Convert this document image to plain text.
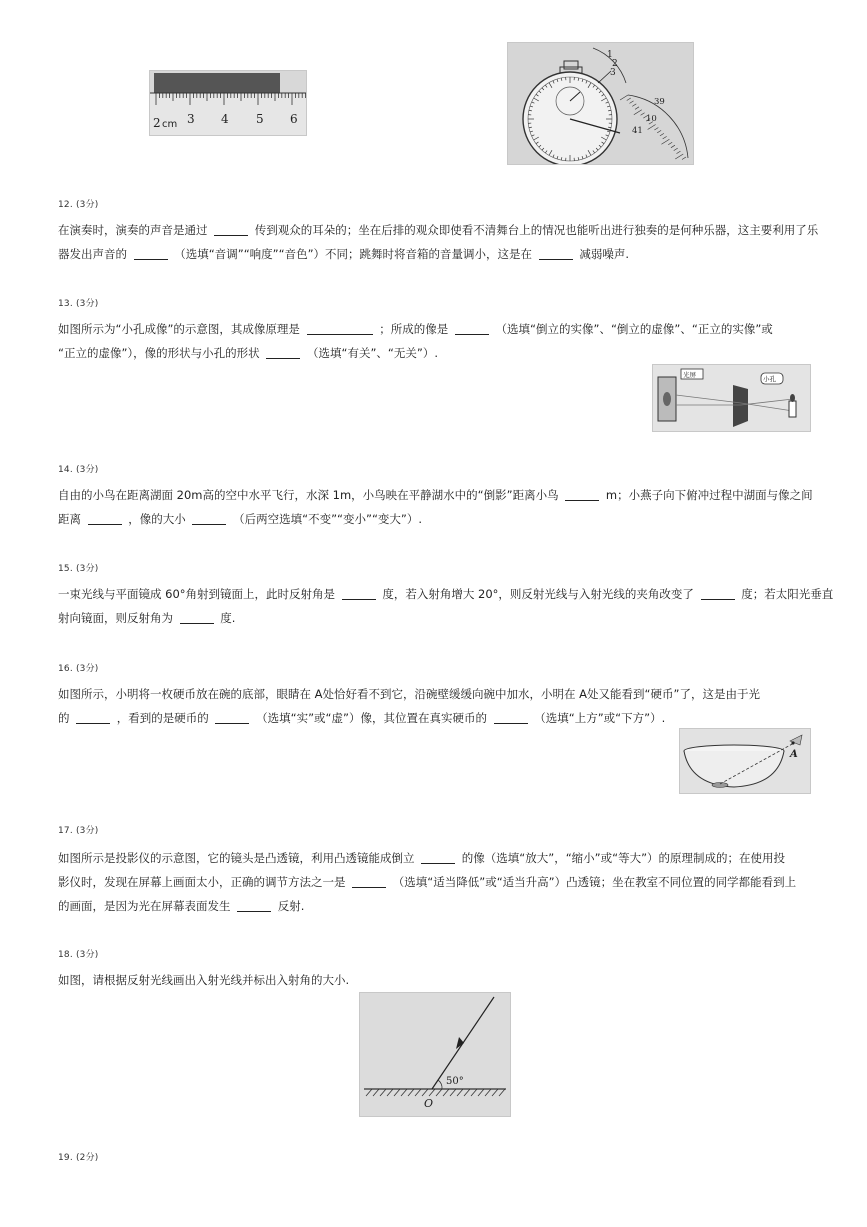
2 cm 3 4 5 6
1
2
3
39
10
41
12. (3分)
在演奏时，演奏的声音是通过	传到观众的耳朵的；坐在后排的观众即使看不清舞台上的情况也能听出进行独奏的是何种乐器，这主要利用了乐
器发出声音的	（选填“音调”“响度”“音色”）不同；跳舞时将音箱的音量调小，这是在	减弱噪声.
13. (3分)
如图所示为“小孔成像”的示意图，其成像原理是	；所成的像是	（选填“倒立的实像”、“倒立的虚像”、“正立的实像”或
“正立的虚像”），像的形状与小孔的形状	（选填“有关”、“无关”）.
光屏	小孔
14. (3分)
自由的小鸟在距离湖面 20m高的空中水平飞行，水深 1m，小鸟映在平静湖水中的“倒影”距离小鸟	m；小燕子向下俯冲过程中湖面与像之间
距离	，像的大小	（后两空选填“不变”“变小”“变大”）.
15. (3分)
一束光线与平面镜成 60°角射到镜面上，此时反射角是	度，若入射角增大 20°，则反射光线与入射光线的夹角改变了	度；若太阳光垂直
射向镜面，则反射角为	度.
16. (3分)
如图所示，小明将一枚硬币放在碗的底部，眼睛在 A处恰好看不到它，沿碗壁缓缓向碗中加水，小明在 A处又能看到“硬币”了，这是由于光
的	，看到的是硬币的	（选填“实”或“虚”）像，其位置在真实硬币的	（选填“上方”或“下方”）.
A
17. (3分)
如图所示是投影仪的示意图，它的镜头是凸透镜，利用凸透镜能成倒立	的像（选填“放大”，“缩小”或“等大”）的原理制成的；在使用投
影仪时，发现在屏幕上画面太小，正确的调节方法之一是	（选填“适当降低”或“适当升高”）凸透镜；坐在教室不同位置的同学都能看到上
的画面，是因为光在屏幕表面发生	反射.
18. (3分)
如图，请根据反射光线画出入射光线并标出入射角的大小.
50°
O
19. (2分)
